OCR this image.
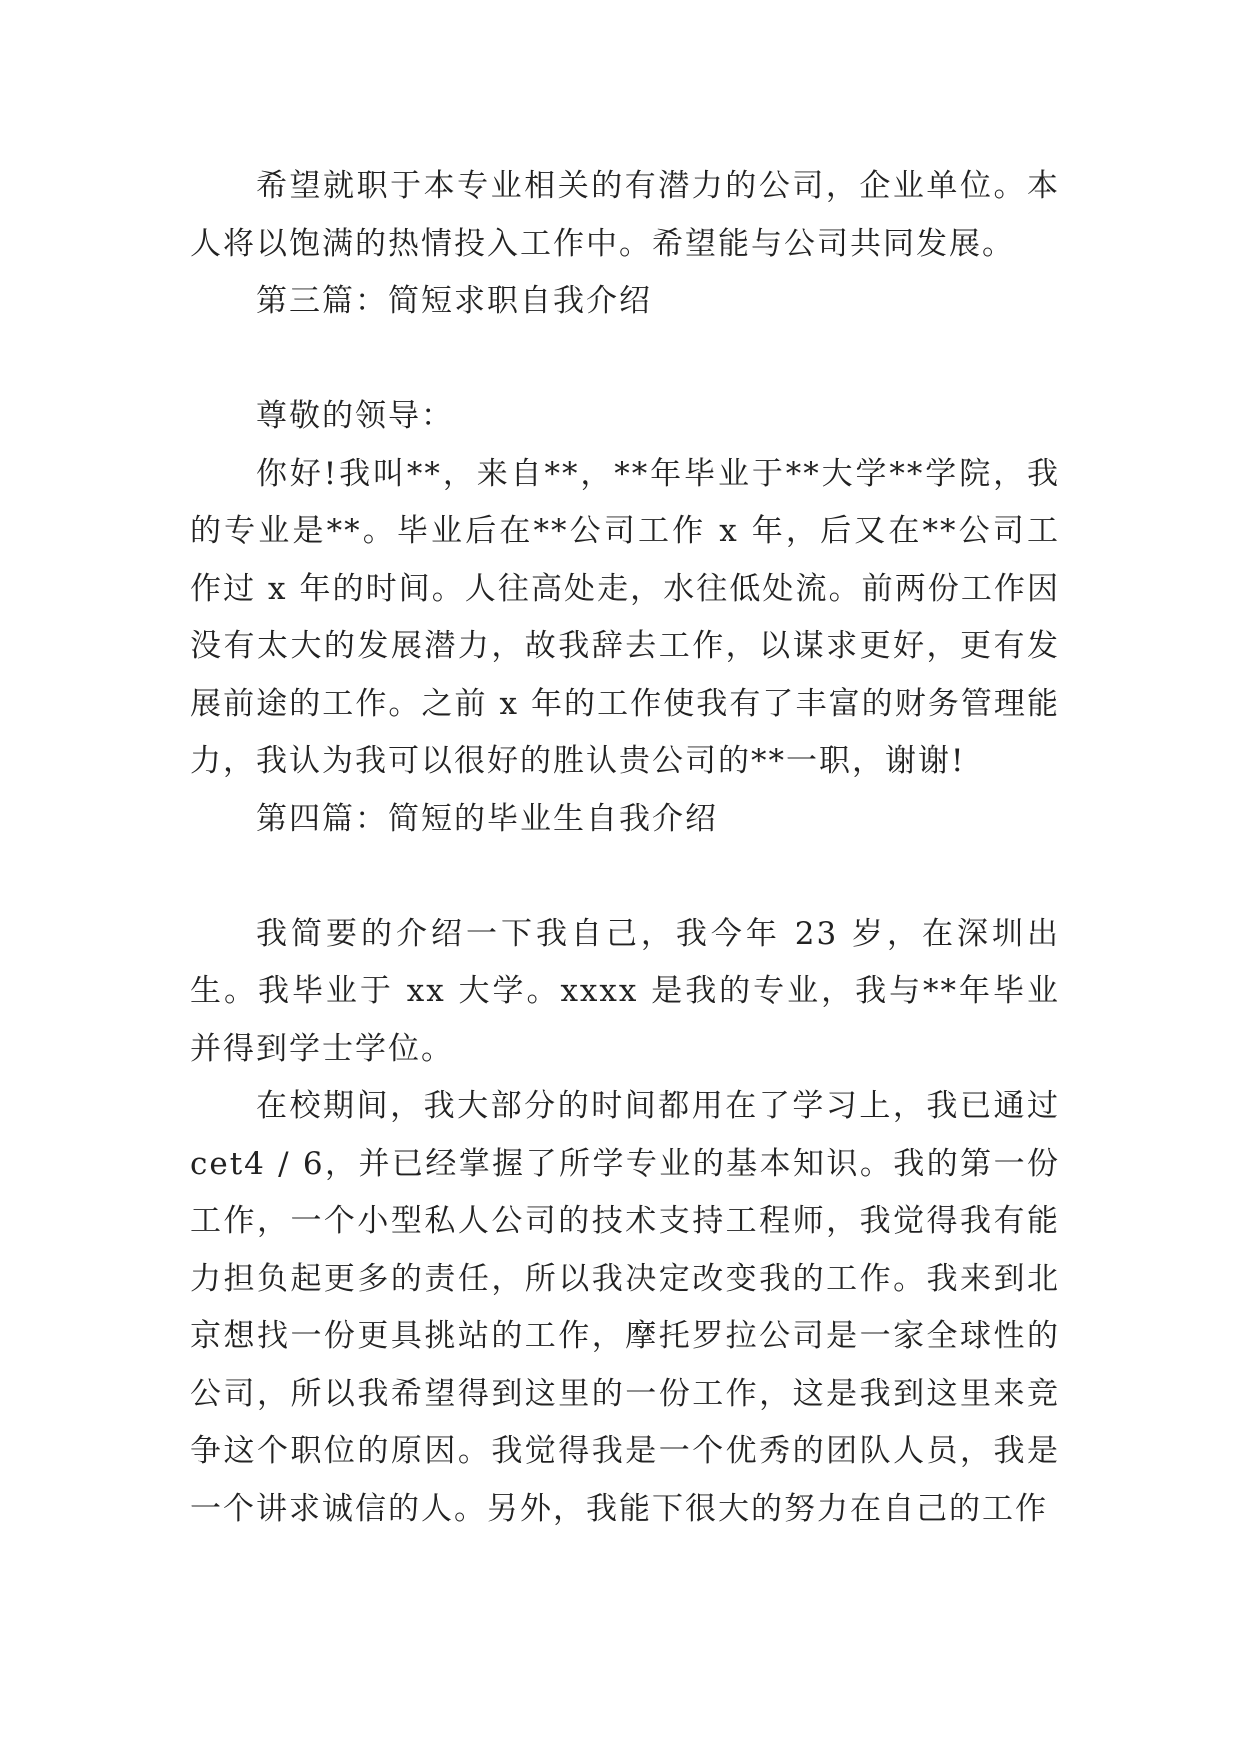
希望就职于本专业相关的有潜力的公司，企业单位。本人将以饱满的热情投入工作中。希望能与公司共同发展。

第三篇：简短求职自我介绍

尊敬的领导：

你好!我叫**，来自**，**年毕业于**大学**学院，我的专业是**。毕业后在**公司工作 x 年，后又在**公司工作过 x 年的时间。人往高处走，水往低处流。前两份工作因没有太大的发展潜力，故我辞去工作，以谋求更好，更有发展前途的工作。之前 x 年的工作使我有了丰富的财务管理能力，我认为我可以很好的胜认贵公司的**一职，谢谢!

第四篇：简短的毕业生自我介绍

我简要的介绍一下我自己，我今年 23 岁，在深圳出生。我毕业于 xx 大学。xxxx 是我的专业，我与**年毕业并得到学士学位。

在校期间，我大部分的时间都用在了学习上，我已通过 cet4 / 6，并已经掌握了所学专业的基本知识。我的第一份工作，一个小型私人公司的技术支持工程师，我觉得我有能力担负起更多的责任，所以我决定改变我的工作。我来到北京想找一份更具挑站的工作，摩托罗拉公司是一家全球性的公司，所以我希望得到这里的一份工作，这是我到这里来竞争这个职位的原因。我觉得我是一个优秀的团队人员，我是一个讲求诚信的人。另外，我能下很大的努力在自己的工作
